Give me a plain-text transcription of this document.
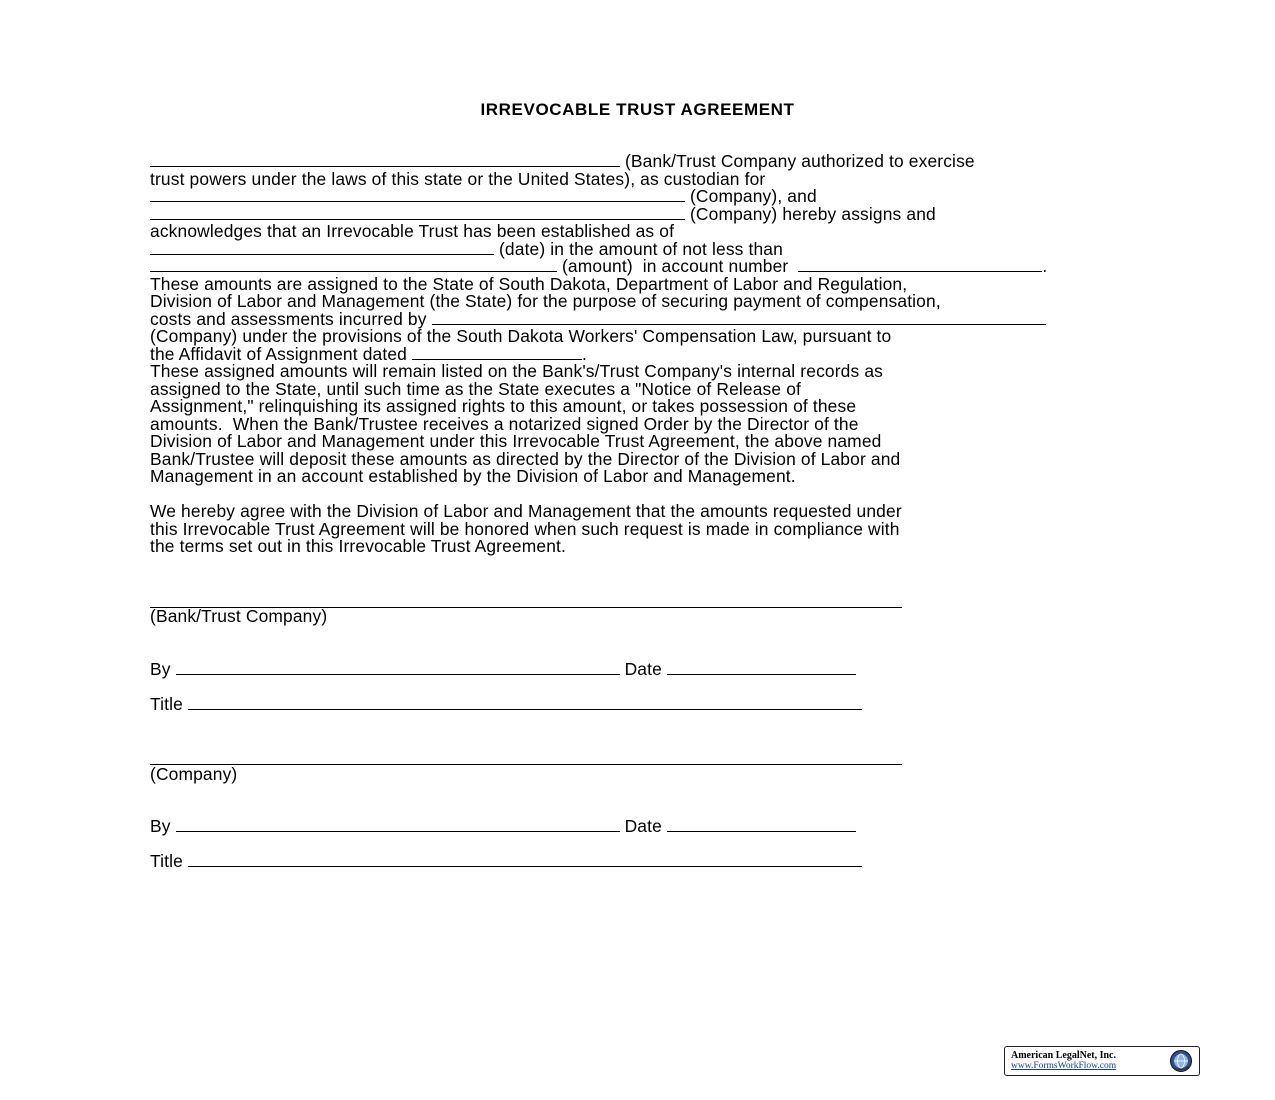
IRREVOCABLE TRUST AGREEMENT
(Bank/Trust Company authorized to exercise
trust powers under the laws of this state or the United States), as custodian for
(Company), and
(Company) hereby assigns and
acknowledges that an Irrevocable Trust has been established as of
(date) in the amount of not less than
(amount)  in account number	.
These amounts are assigned to the State of South Dakota, Department of Labor and Regulation,
Division of Labor and Management (the State) for the purpose of securing payment of compensation,
costs and assessments incurred by
(Company) under the provisions of the South Dakota Workers' Compensation Law, pursuant to
the Affidavit of Assignment dated	.
These assigned amounts will remain listed on the Bank's/Trust Company's internal records as
assigned to the State, until such time as the State executes a "Notice of Release of
Assignment," relinquishing its assigned rights to this amount, or takes possession of these
amounts.  When the Bank/Trustee receives a notarized signed Order by the Director of the
Division of Labor and Management under this Irrevocable Trust Agreement, the above named
Bank/Trustee will deposit these amounts as directed by the Director of the Division of Labor and
Management in an account established by the Division of Labor and Management.
We hereby agree with the Division of Labor and Management that the amounts requested under
this Irrevocable Trust Agreement will be honored when such request is made in compliance with
the terms set out in this Irrevocable Trust Agreement.
(Bank/Trust Company)
By	Date
Title
(Company)
By	Date
Title
American LegalNet, Inc.
www.FormsWorkFlow.com
